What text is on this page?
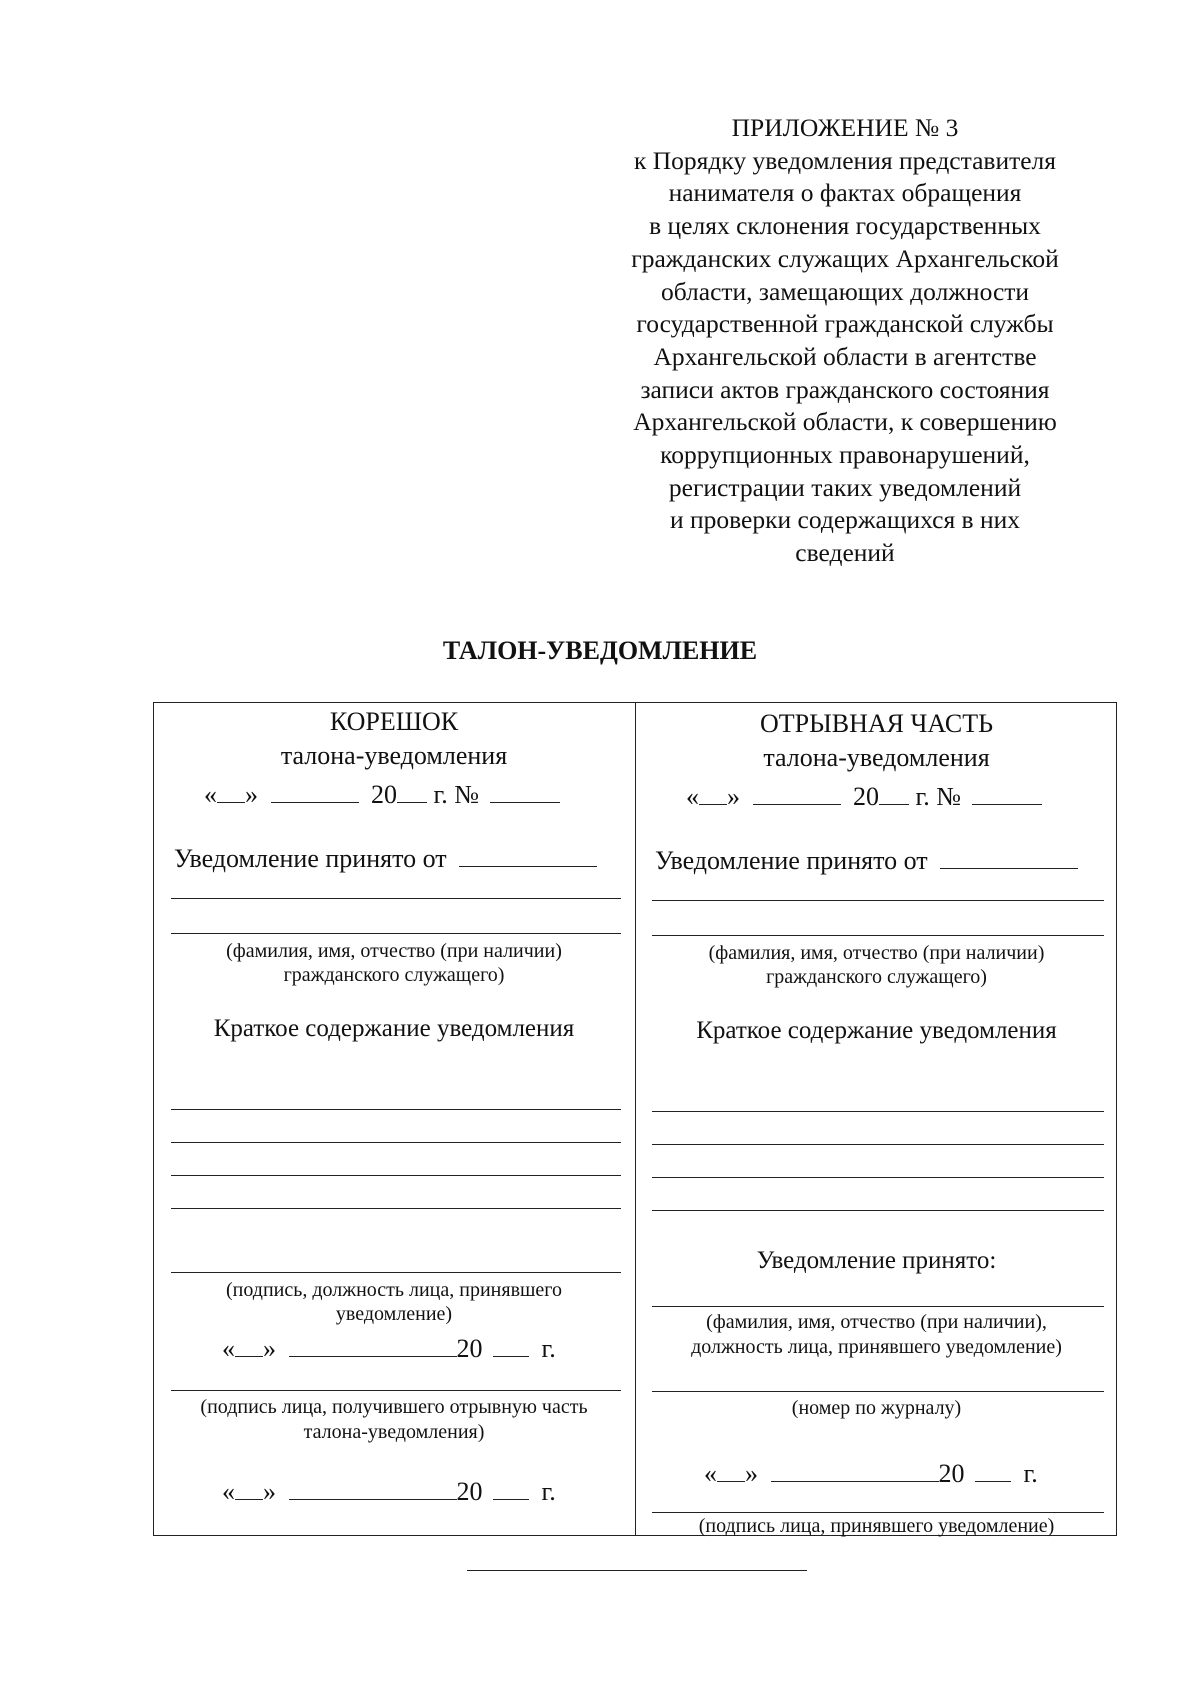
ПРИЛОЖЕНИЕ № 3
к Порядку уведомления представителя
нанимателя о фактах обращения
в целях склонения государственных
гражданских служащих Архангельской
области, замещающих должности
государственной гражданской службы
Архангельской области в агентстве
записи актов гражданского состояния
Архангельской области, к совершению
коррупционных правонарушений,
регистрации таких уведомлений
и проверки содержащихся в них
сведений
ТАЛОН-УВЕДОМЛЕНИЕ
КОРЕШОК
талона-уведомления
« »	20 г. №
Уведомление принято от
(фамилия, имя, отчество (при наличии)
гражданского служащего)
Краткое содержание уведомления
(подпись, должность лица, принявшего
уведомление)
« »	20 г.
(подпись лица, получившего отрывную часть
талона-уведомления)
« »	20 г.
ОТРЫВНАЯ ЧАСТЬ
талона-уведомления
« »	20 г. №
Уведомление принято от
(фамилия, имя, отчество (при наличии)
гражданского служащего)
Краткое содержание уведомления
Уведомление принято:
(фамилия, имя, отчество (при наличии),
должность лица, принявшего уведомление)
(номер по журналу)
« »	20 г.
(подпись лица, принявшего уведомление)
